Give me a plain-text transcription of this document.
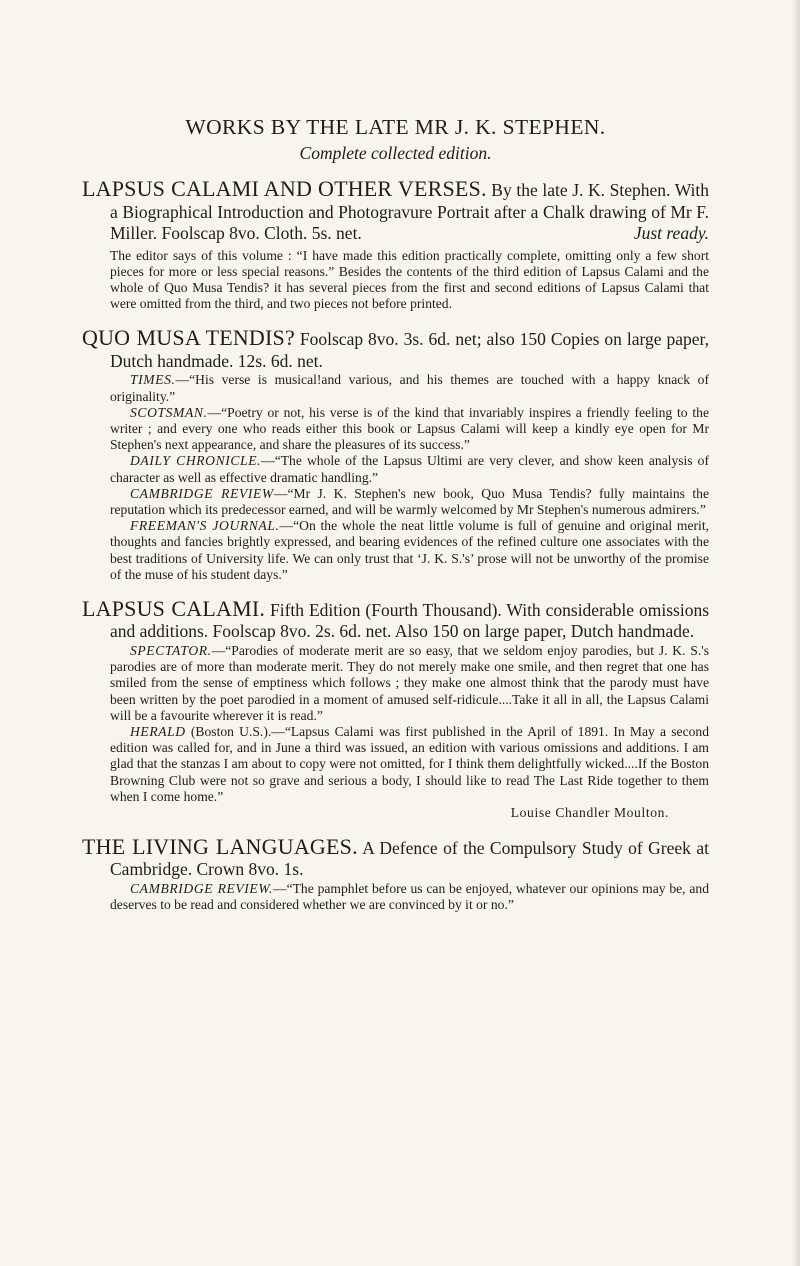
WORKS BY THE LATE MR J. K. STEPHEN.

Complete collected edition.

LAPSUS CALAMI AND OTHER VERSES. By the late J. K. Stephen. With a Biographical Introduction and Photogravure Portrait after a Chalk drawing of Mr F. Miller. Foolscap 8vo. Cloth. 5s. net.	Just ready.

The editor says of this volume : “I have made this edition practically complete, omitting only a few short pieces for more or less special reasons.” Besides the contents of the third edition of Lapsus Calami and the whole of Quo Musa Tendis? it has several pieces from the first and second editions of Lapsus Calami that were omitted from the third, and two pieces not before printed.

QUO MUSA TENDIS? Foolscap 8vo. 3s. 6d. net; also 150 Copies on large paper, Dutch handmade. 12s. 6d. net.

TIMES.—“His verse is musical!and various, and his themes are touched with a happy knack of originality.”

SCOTSMAN.—“Poetry or not, his verse is of the kind that invariably inspires a friendly feeling to the writer ; and every one who reads either this book or Lapsus Calami will keep a kindly eye open for Mr Stephen's next appearance, and share the pleasures of its success.”

DAILY CHRONICLE.—“The whole of the Lapsus Ultimi are very clever, and show keen analysis of character as well as effective dramatic handling.”

CAMBRIDGE REVIEW—“Mr J. K. Stephen's new book, Quo Musa Tendis? fully maintains the reputation which its predecessor earned, and will be warmly welcomed by Mr Stephen's numerous admirers.”

FREEMAN'S JOURNAL.—“On the whole the neat little volume is full of genuine and original merit, thoughts and fancies brightly expressed, and bearing evidences of the refined culture one associates with the best traditions of University life. We can only trust that ‘J. K. S.'s’ prose will not be unworthy of the promise of the muse of his student days.”

LAPSUS CALAMI. Fifth Edition (Fourth Thousand). With considerable omissions and additions. Foolscap 8vo. 2s. 6d. net. Also 150 on large paper, Dutch handmade.

SPECTATOR.—“Parodies of moderate merit are so easy, that we seldom enjoy parodies, but J. K. S.'s parodies are of more than moderate merit. They do not merely make one smile, and then regret that one has smiled from the sense of emptiness which follows ; they make one almost think that the parody must have been written by the poet parodied in a moment of amused self-ridicule....Take it all in all, the Lapsus Calami will be a favourite wherever it is read.”

HERALD (Boston U.S.).—“Lapsus Calami was first published in the April of 1891. In May a second edition was called for, and in June a third was issued, an edition with various omissions and additions. I am glad that the stanzas I am about to copy were not omitted, for I think them delightfully wicked....If the Boston Browning Club were not so grave and serious a body, I should like to read The Last Ride together to them when I come home.”

Louise Chandler Moulton.

THE LIVING LANGUAGES. A Defence of the Compulsory Study of Greek at Cambridge. Crown 8vo. 1s.

CAMBRIDGE REVIEW.—“The pamphlet before us can be enjoyed, whatever our opinions may be, and deserves to be read and considered whether we are convinced by it or no.”
